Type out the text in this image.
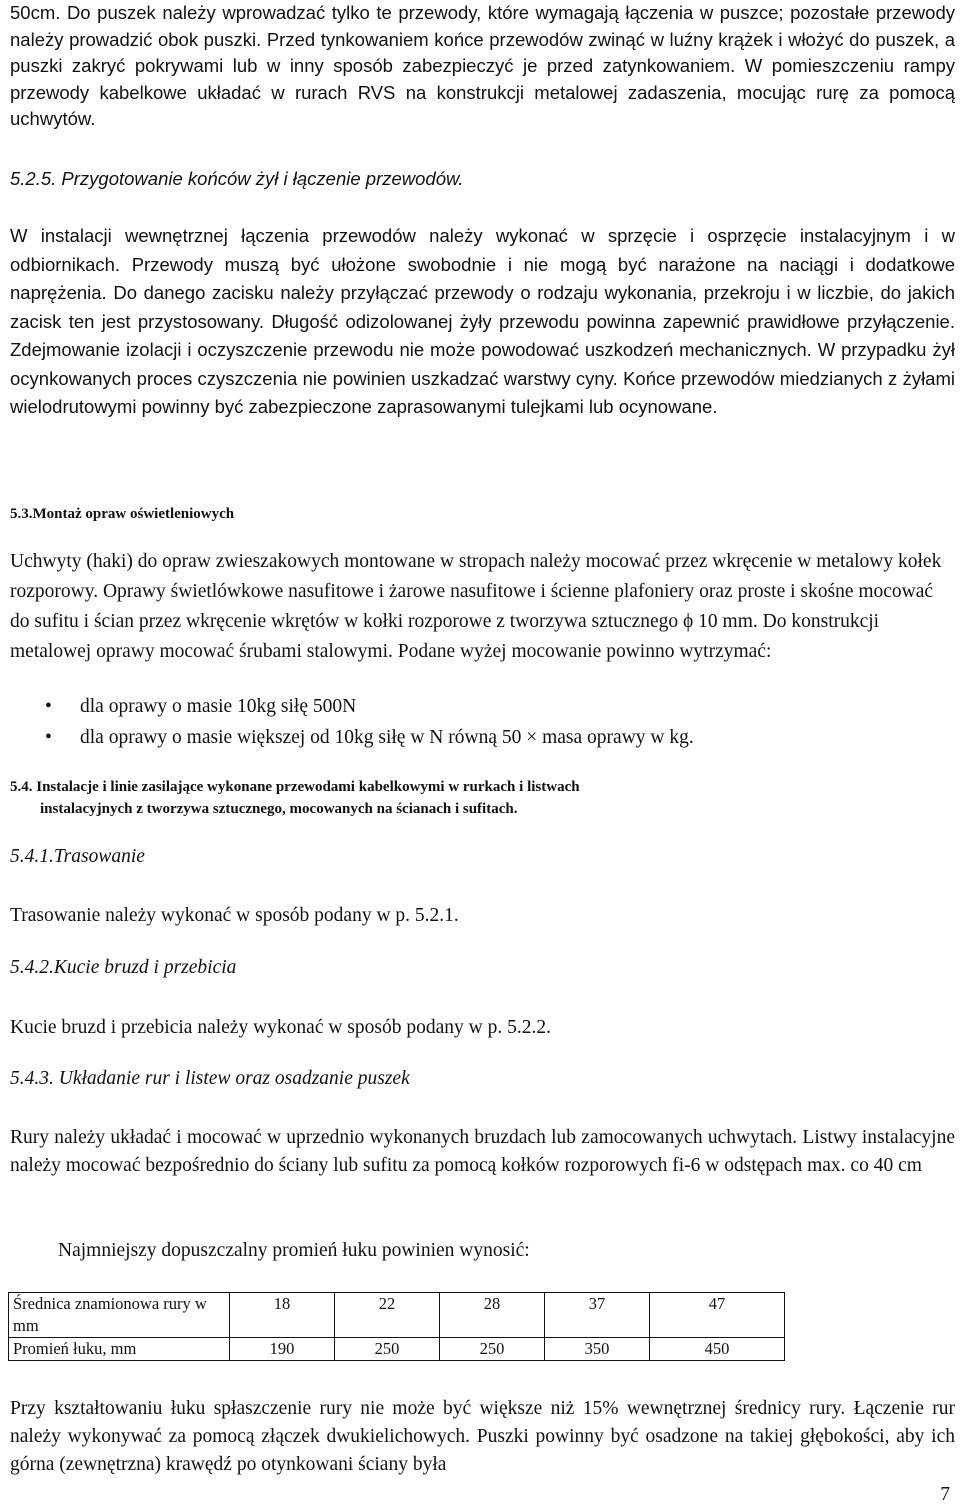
50cm. Do puszek należy wprowadzać tylko te przewody, które wymagają łączenia w puszce; pozostałe przewody należy prowadzić obok puszki. Przed tynkowaniem końce przewodów zwinąć w luźny krążek i włożyć do puszek, a puszki zakryć pokrywami lub w inny sposób zabezpieczyć je przed zatynkowaniem. W pomieszczeniu rampy przewody kabelkowe układać w rurach RVS na konstrukcji metalowej zadaszenia, mocując rurę za pomocą uchwytów.

5.2.5. Przygotowanie końców żył i łączenie przewodów.

W instalacji wewnętrznej łączenia przewodów należy wykonać w sprzęcie i osprzęcie instalacyjnym i w odbiornikach. Przewody muszą być ułożone swobodnie i nie mogą być narażone na naciągi i dodatkowe naprężenia. Do danego zacisku należy przyłączać przewody o rodzaju wykonania, przekroju i w liczbie, do jakich zacisk ten jest przystosowany. Długość odizolowanej żyły przewodu powinna zapewnić prawidłowe przyłączenie. Zdejmowanie izolacji i oczyszczenie przewodu nie może powodować uszkodzeń mechanicznych. W przypadku żył ocynkowanych proces czyszczenia nie powinien uszkadzać warstwy cyny. Końce przewodów miedzianych z żyłami wielodrutowymi powinny być zabezpieczone zaprasowanymi tulejkami lub ocynowane.

5.3.Montaż opraw oświetleniowych

Uchwyty (haki) do opraw zwieszakowych montowane w stropach należy mocować przez wkręcenie w metalowy kołek rozporowy. Oprawy świetlówkowe nasufitowe i żarowe nasufitowe i ścienne plafoniery oraz proste i skośne mocować do sufitu i ścian przez wkręcenie wkrętów w kołki rozporowe z tworzywa sztucznego ϕ 10 mm. Do konstrukcji metalowej oprawy mocować śrubami stalowymi. Podane wyżej mocowanie powinno wytrzymać:

• dla oprawy o masie 10kg siłę 500N
• dla oprawy o masie większej od 10kg siłę w N równą 50 × masa oprawy w kg.
5.4. Instalacje i linie zasilające wykonane przewodami kabelkowymi w rurkach i listwach
instalacyjnych z tworzywa sztucznego, mocowanych na ścianach i sufitach.

5.4.1.Trasowanie

Trasowanie należy wykonać w sposób podany w p. 5.2.1.

5.4.2.Kucie bruzd i przebicia

Kucie bruzd i przebicia należy wykonać w sposób podany w p. 5.2.2.

5.4.3. Układanie rur i listew oraz osadzanie puszek

Rury należy układać i mocować w uprzednio wykonanych bruzdach lub zamocowanych uchwytach. Listwy instalacyjne należy mocować bezpośrednio do ściany lub sufitu za pomocą kołków rozporowych fi-6 w odstępach max. co 40 cm

Najmniejszy dopuszczalny promień łuku powinien wynosić:

Średnica znamionowa rury w mm	18	22	28	37	47
Promień łuku, mm	190	250	250	350	450

Przy kształtowaniu łuku spłaszczenie rury nie może być większe niż 15% wewnętrznej średnicy rury. Łączenie rur należy wykonywać za pomocą złączek dwukielichowych. Puszki powinny być osadzone na takiej głębokości, aby ich górna (zewnętrzna) krawędź po otynkowani ściany była

7
